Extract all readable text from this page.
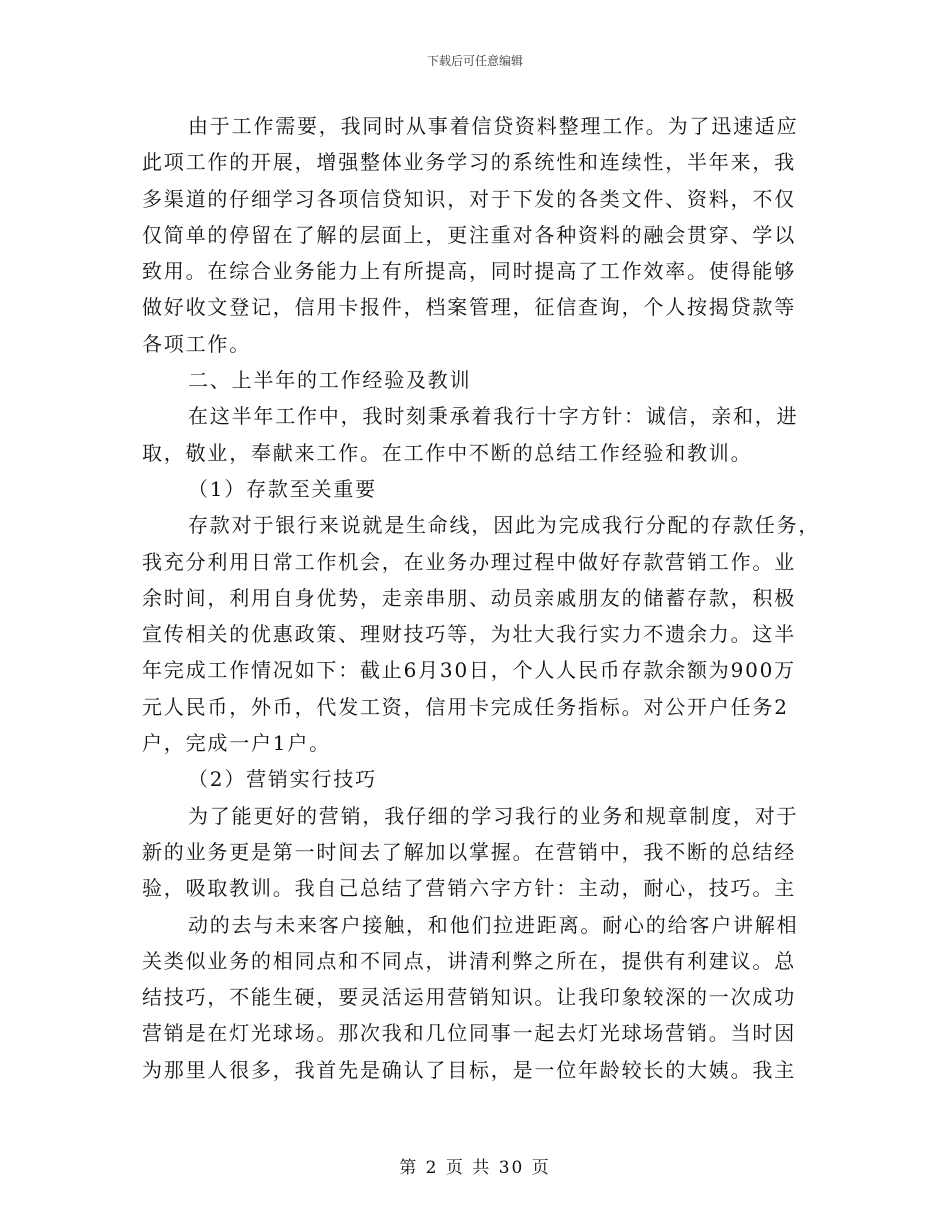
下载后可任意编辑
由于工作需要，我同时从事着信贷资料整理工作。为了迅速适应
此项工作的开展，增强整体业务学习的系统性和连续性，半年来，我
多渠道的仔细学习各项信贷知识，对于下发的各类文件、资料，不仅
仅简单的停留在了解的层面上，更注重对各种资料的融会贯穿、学以
致用。在综合业务能力上有所提高，同时提高了工作效率。使得能够
做好收文登记，信用卡报件，档案管理，征信查询，个人按揭贷款等
各项工作。
二、上半年的工作经验及教训
在这半年工作中，我时刻秉承着我行十字方针：诚信，亲和，进
取，敬业，奉献来工作。在工作中不断的总结工作经验和教训。
（1）存款至关重要
存款对于银行来说就是生命线，因此为完成我行分配的存款任务，
我充分利用日常工作机会，在业务办理过程中做好存款营销工作。业
余时间，利用自身优势，走亲串朋、动员亲戚朋友的储蓄存款，积极
宣传相关的优惠政策、理财技巧等，为壮大我行实力不遗余力。这半
年完成工作情况如下：截止6月30日，个人人民币存款余额为900万
元人民币，外币，代发工资，信用卡完成任务指标。对公开户任务2
户，完成一户1户。
（2）营销实行技巧
为了能更好的营销，我仔细的学习我行的业务和规章制度，对于
新的业务更是第一时间去了解加以掌握。在营销中，我不断的总结经
验，吸取教训。我自己总结了营销六字方针：主动，耐心，技巧。主
动的去与未来客户接触，和他们拉进距离。耐心的给客户讲解相
关类似业务的相同点和不同点，讲清利弊之所在，提供有利建议。总
结技巧，不能生硬，要灵活运用营销知识。让我印象较深的一次成功
营销是在灯光球场。那次我和几位同事一起去灯光球场营销。当时因
为那里人很多，我首先是确认了目标，是一位年龄较长的大姨。我主
第 2 页 共 30 页
